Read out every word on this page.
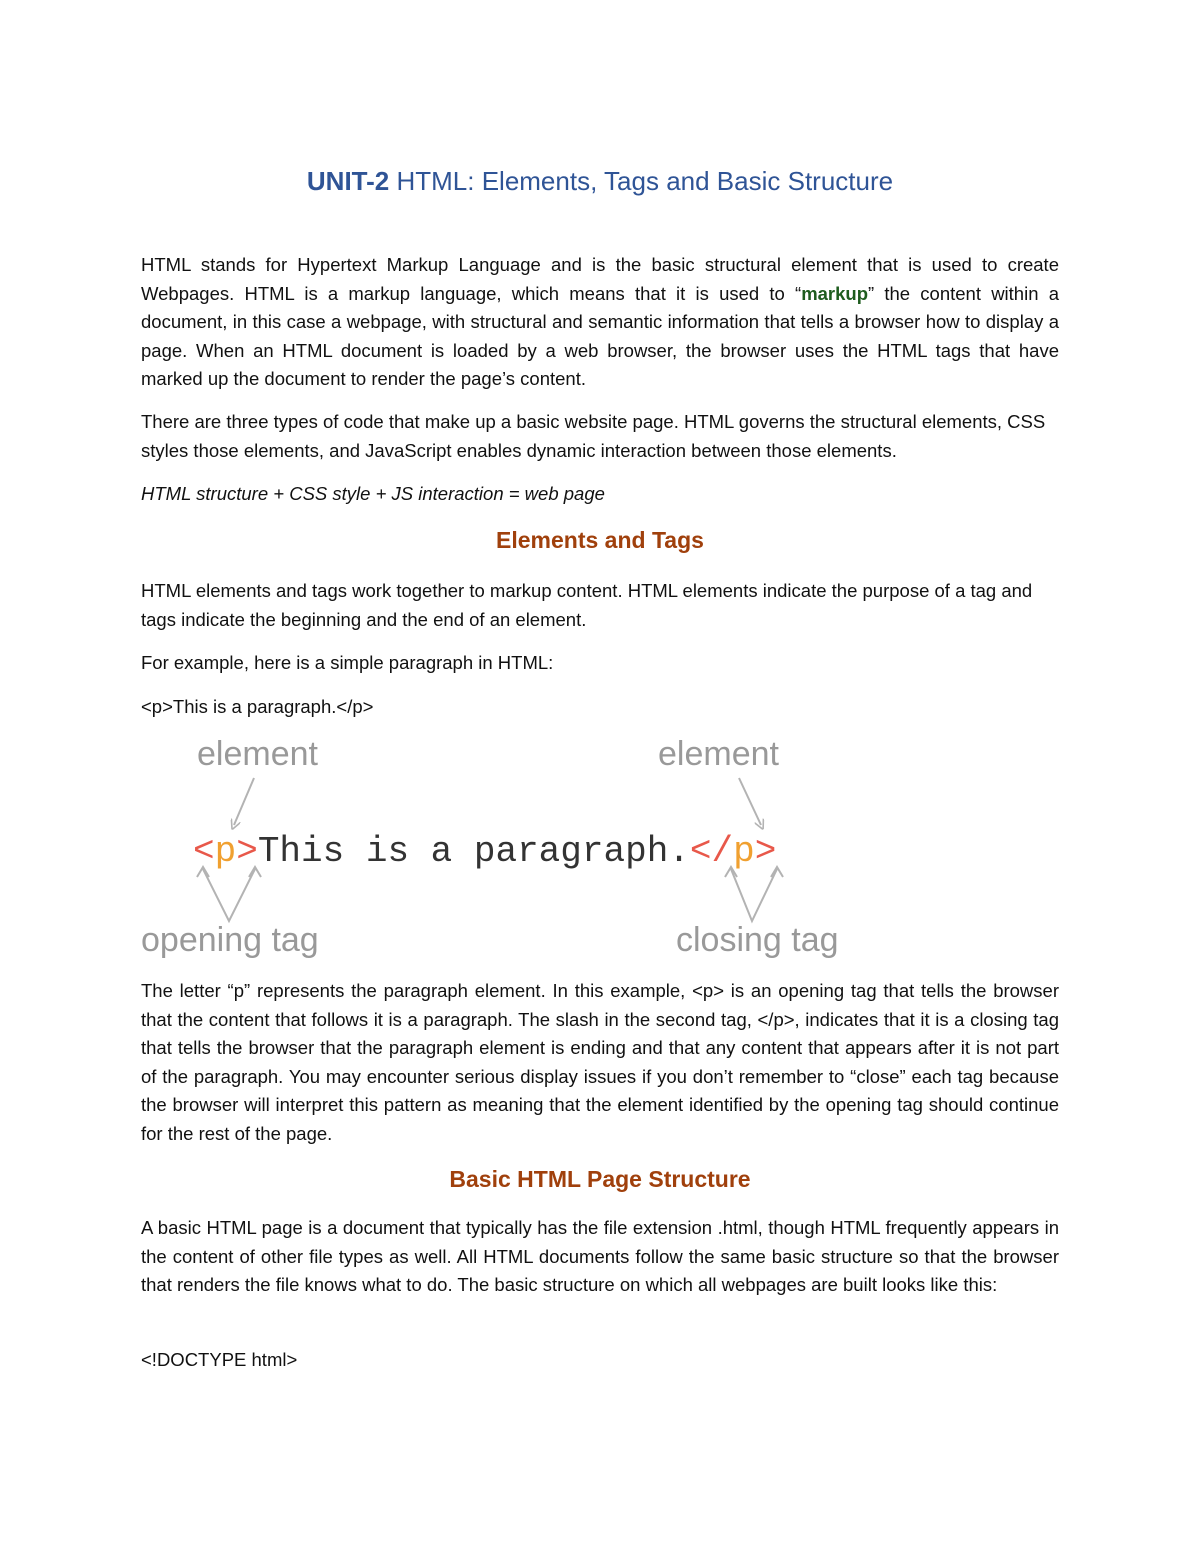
UNIT-2 HTML: Elements, Tags and Basic Structure

HTML stands for Hypertext Markup Language and is the basic structural element that is used to create Webpages. HTML is a markup language, which means that it is used to “markup” the content within a document, in this case a webpage, with structural and semantic information that tells a browser how to display a page. When an HTML document is loaded by a web browser, the browser uses the HTML tags that have marked up the document to render the page’s content.

There are three types of code that make up a basic website page. HTML governs the structural elements, CSS styles those elements, and JavaScript enables dynamic interaction between those elements.

HTML structure + CSS style + JS interaction = web page

Elements and Tags

HTML elements and tags work together to markup content. HTML elements indicate the purpose of a tag and tags indicate the beginning and the end of an element.

For example, here is a simple paragraph in HTML:

<p>This is a paragraph.</p>

The letter “p” represents the paragraph element. In this example, <p> is an opening tag that tells the browser that the content that follows it is a paragraph. The slash in the second tag, </p>, indicates that it is a closing tag that tells the browser that the paragraph element is ending and that any content that appears after it is not part of the paragraph. You may encounter serious display issues if you don’t remember to “close” each tag because the browser will interpret this pattern as meaning that the element identified by the opening tag should continue for the rest of the page.

Basic HTML Page Structure

A basic HTML page is a document that typically has the file extension .html, though HTML frequently appears in the content of other file types as well. All HTML documents follow the same basic structure so that the browser that renders the file knows what to do. The basic structure on which all webpages are built looks like this:

<!DOCTYPE html>

element	element
<p>This is a paragraph.</p>
opening tag	closing tag
